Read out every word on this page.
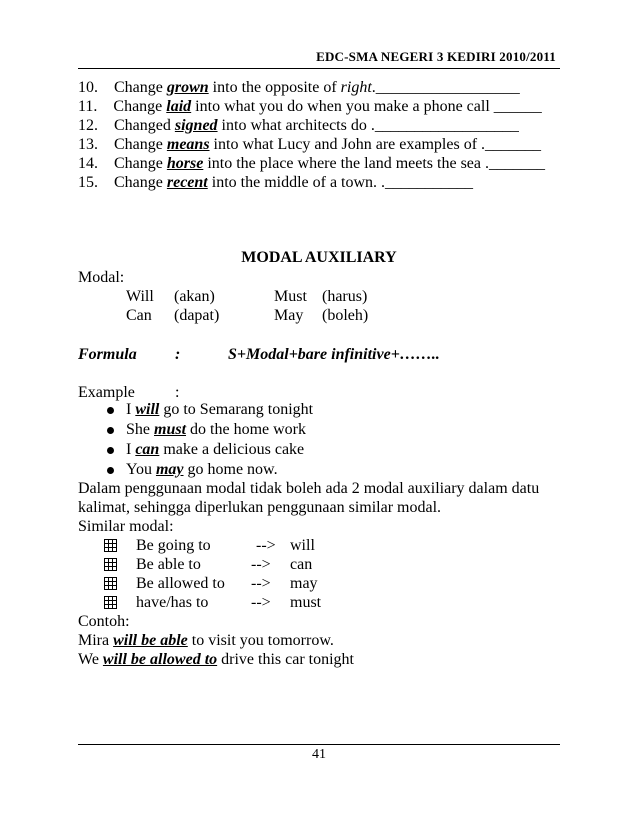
EDC-SMA NEGERI 3 KEDIRI 2010/2011
10. Change grown into the opposite of right.__________________
11. Change laid into what you do when you make a phone call ______
12. Changed signed into what architects do .__________________
13. Change means into what Lucy and John are examples of ._______
14. Change horse into the place where the land meets the sea ._______
15. Change recent into the middle of a town. .___________
MODAL AUXILIARY
Modal:
Will (akan)	Must (harus)
Can (dapat)	May (boleh)
Formula :	S+Modal+bare infinitive+……..
Example	:
I will go to Semarang tonight
She must do the home work
I can make a delicious cake
You may go home now.
Dalam penggunaan modal tidak boleh ada 2 modal auxiliary dalam datu
kalimat, sehingga diperlukan penggunaan similar modal.
Similar modal:
Be going to	--> will
Be able to	--> can
Be allowed to --> may
have/has to	--> must
Contoh:
Mira will be able to visit you tomorrow.
We will be allowed to drive this car tonight
41
